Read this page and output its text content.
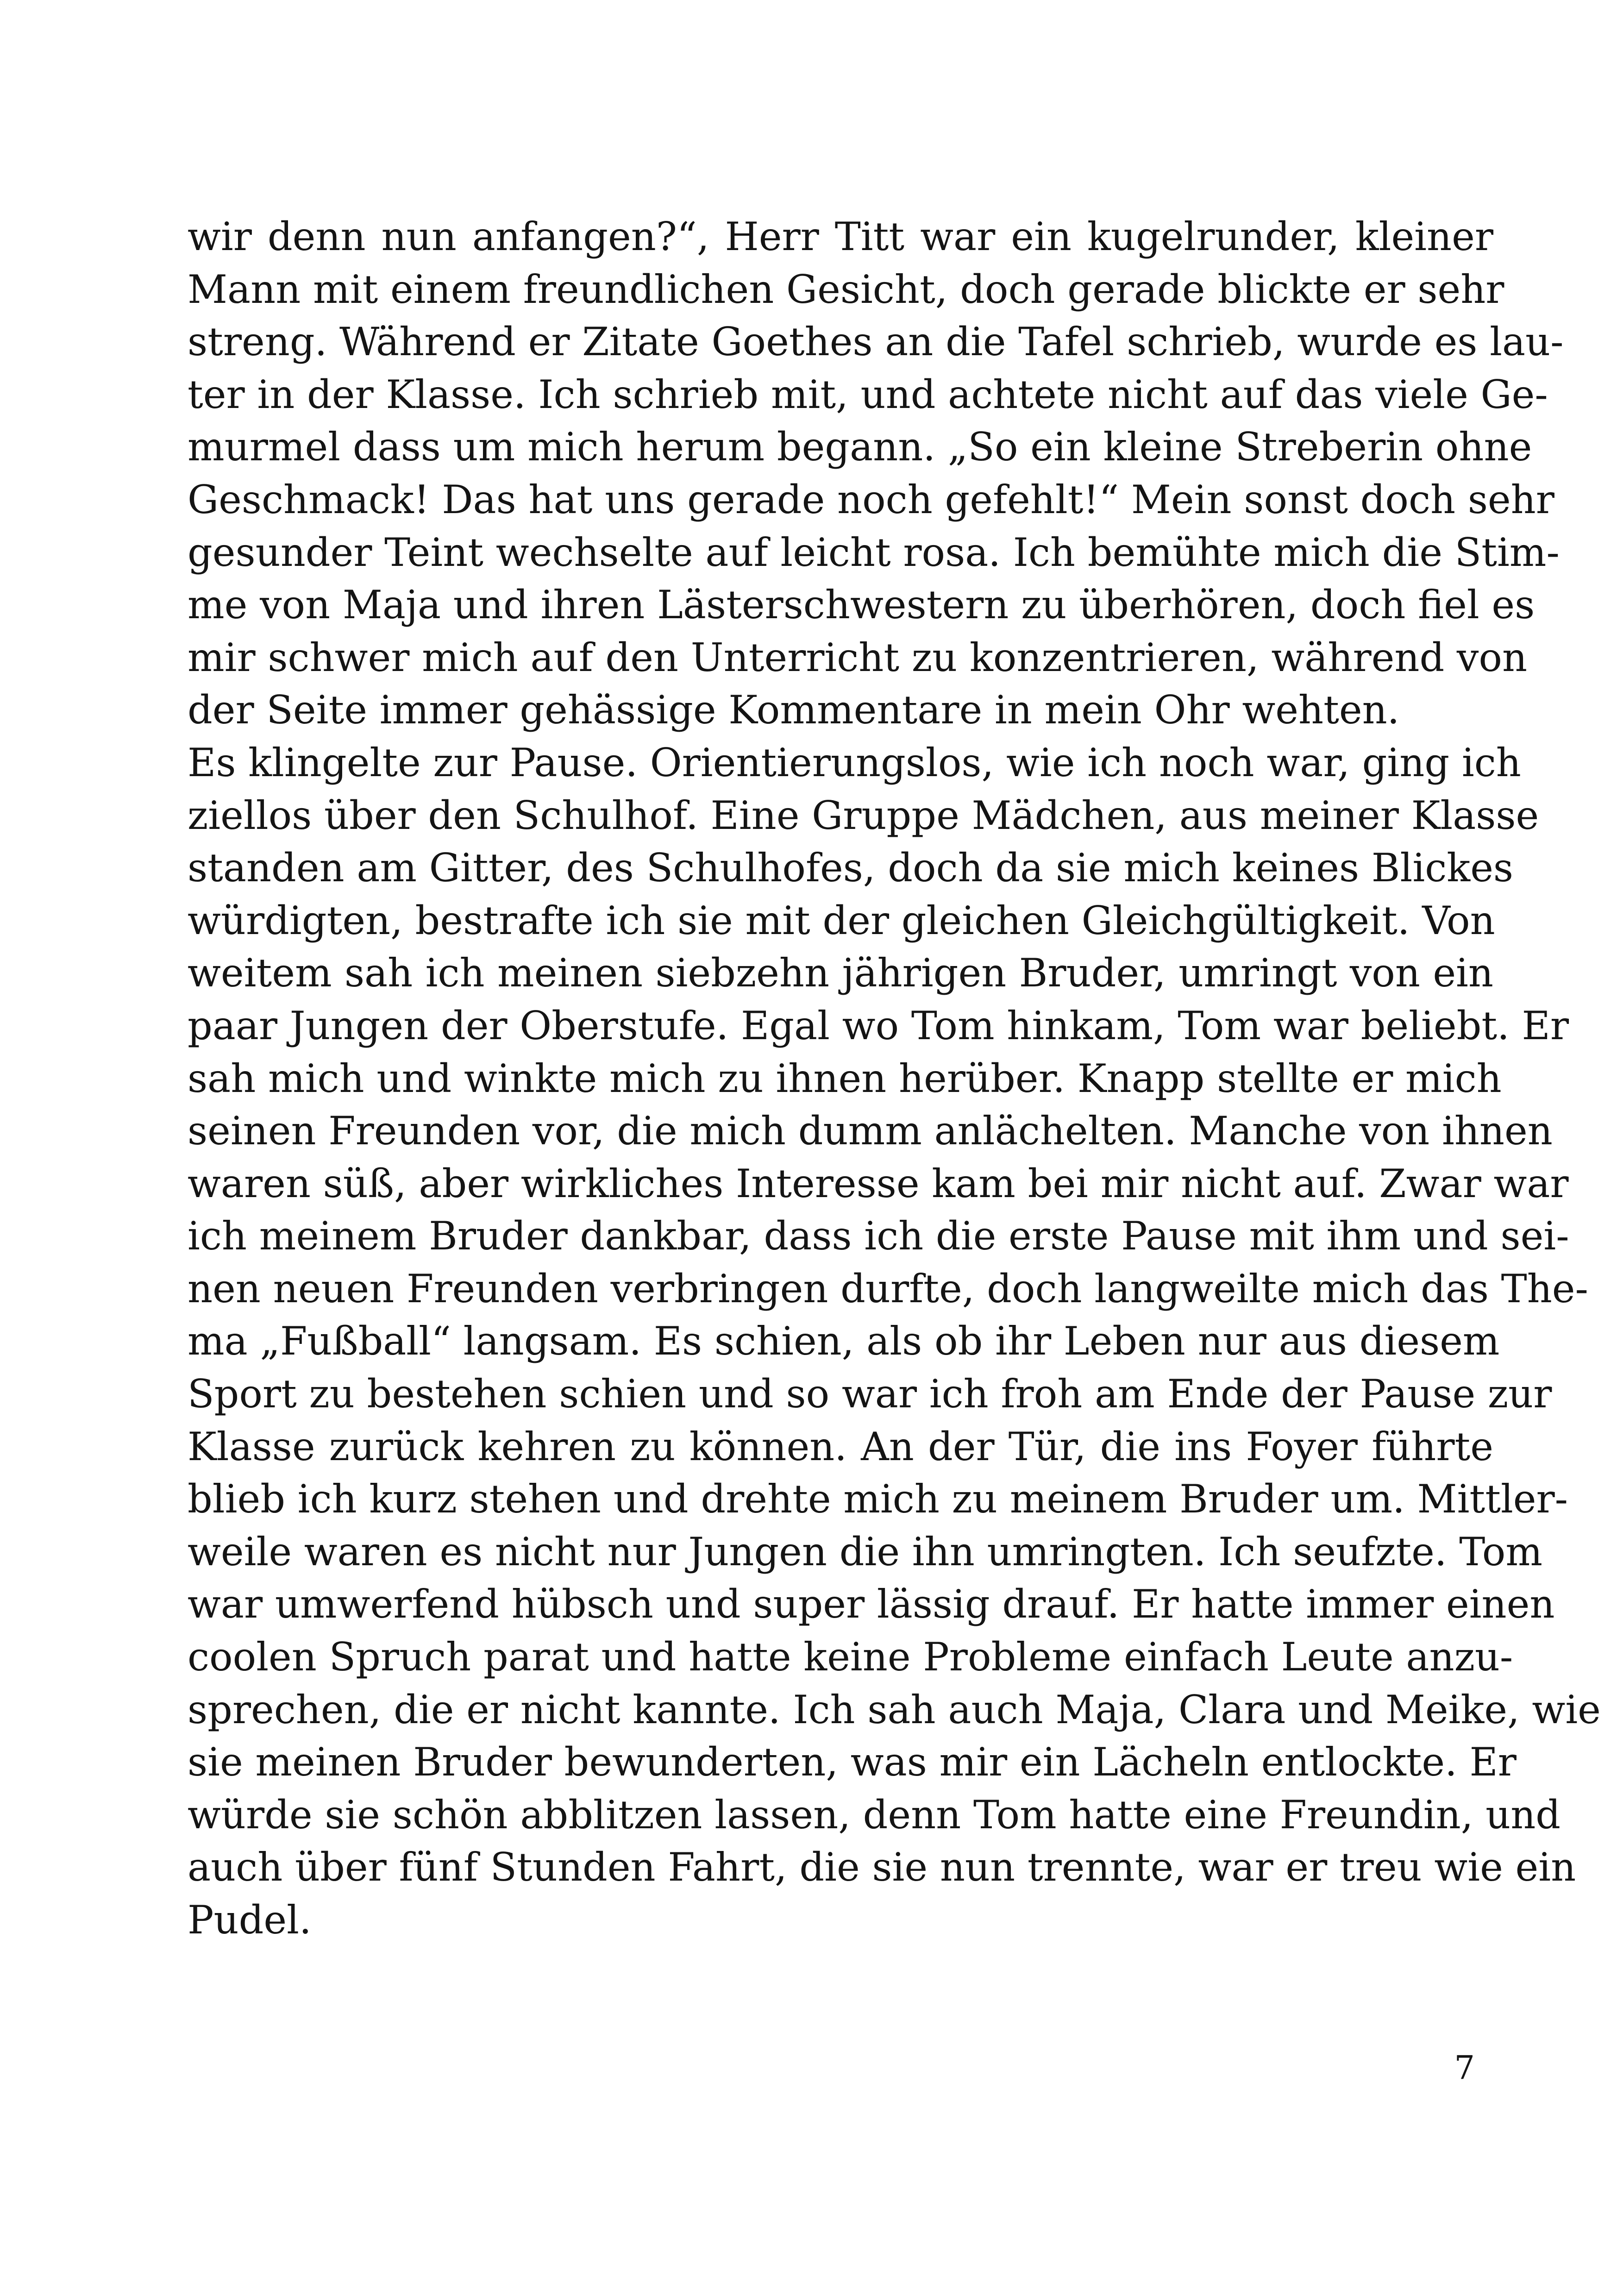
wir denn nun anfangen?“, Herr Titt war ein kugelrunder, kleiner
Mann mit einem freundlichen Gesicht, doch gerade blickte er sehr
streng. Während er Zitate Goethes an die Tafel schrieb, wurde es lau-
ter in der Klasse. Ich schrieb mit, und achtete nicht auf das viele Ge-
murmel dass um mich herum begann. „So ein kleine Streberin ohne
Geschmack! Das hat uns gerade noch gefehlt!“ Mein sonst doch sehr
gesunder Teint wechselte auf leicht rosa. Ich bemühte mich die Stim-
me von Maja und ihren Lästerschwestern zu überhören, doch fiel es
mir schwer mich auf den Unterricht zu konzentrieren, während von
der Seite immer gehässige Kommentare in mein Ohr wehten.
Es klingelte zur Pause. Orientierungslos, wie ich noch war, ging ich
ziellos über den Schulhof. Eine Gruppe Mädchen, aus meiner Klasse
standen am Gitter, des Schulhofes, doch da sie mich keines Blickes
würdigten, bestrafte ich sie mit der gleichen Gleichgültigkeit. Von
weitem sah ich meinen siebzehn jährigen Bruder, umringt von ein
paar Jungen der Oberstufe. Egal wo Tom hinkam, Tom war beliebt. Er
sah mich und winkte mich zu ihnen herüber. Knapp stellte er mich
seinen Freunden vor, die mich dumm anlächelten. Manche von ihnen
waren süß, aber wirkliches Interesse kam bei mir nicht auf. Zwar war
ich meinem Bruder dankbar, dass ich die erste Pause mit ihm und sei-
nen neuen Freunden verbringen durfte, doch langweilte mich das The-
ma „Fußball“ langsam. Es schien, als ob ihr Leben nur aus diesem
Sport zu bestehen schien und so war ich froh am Ende der Pause zur
Klasse zurück kehren zu können. An der Tür, die ins Foyer führte
blieb ich kurz stehen und drehte mich zu meinem Bruder um. Mittler-
weile waren es nicht nur Jungen die ihn umringten. Ich seufzte. Tom
war umwerfend hübsch und super lässig drauf. Er hatte immer einen
coolen Spruch parat und hatte keine Probleme einfach Leute anzu-
sprechen, die er nicht kannte. Ich sah auch Maja, Clara und Meike, wie
sie meinen Bruder bewunderten, was mir ein Lächeln entlockte. Er
würde sie schön abblitzen lassen, denn Tom hatte eine Freundin, und
auch über fünf Stunden Fahrt, die sie nun trennte, war er treu wie ein
Pudel.
7
